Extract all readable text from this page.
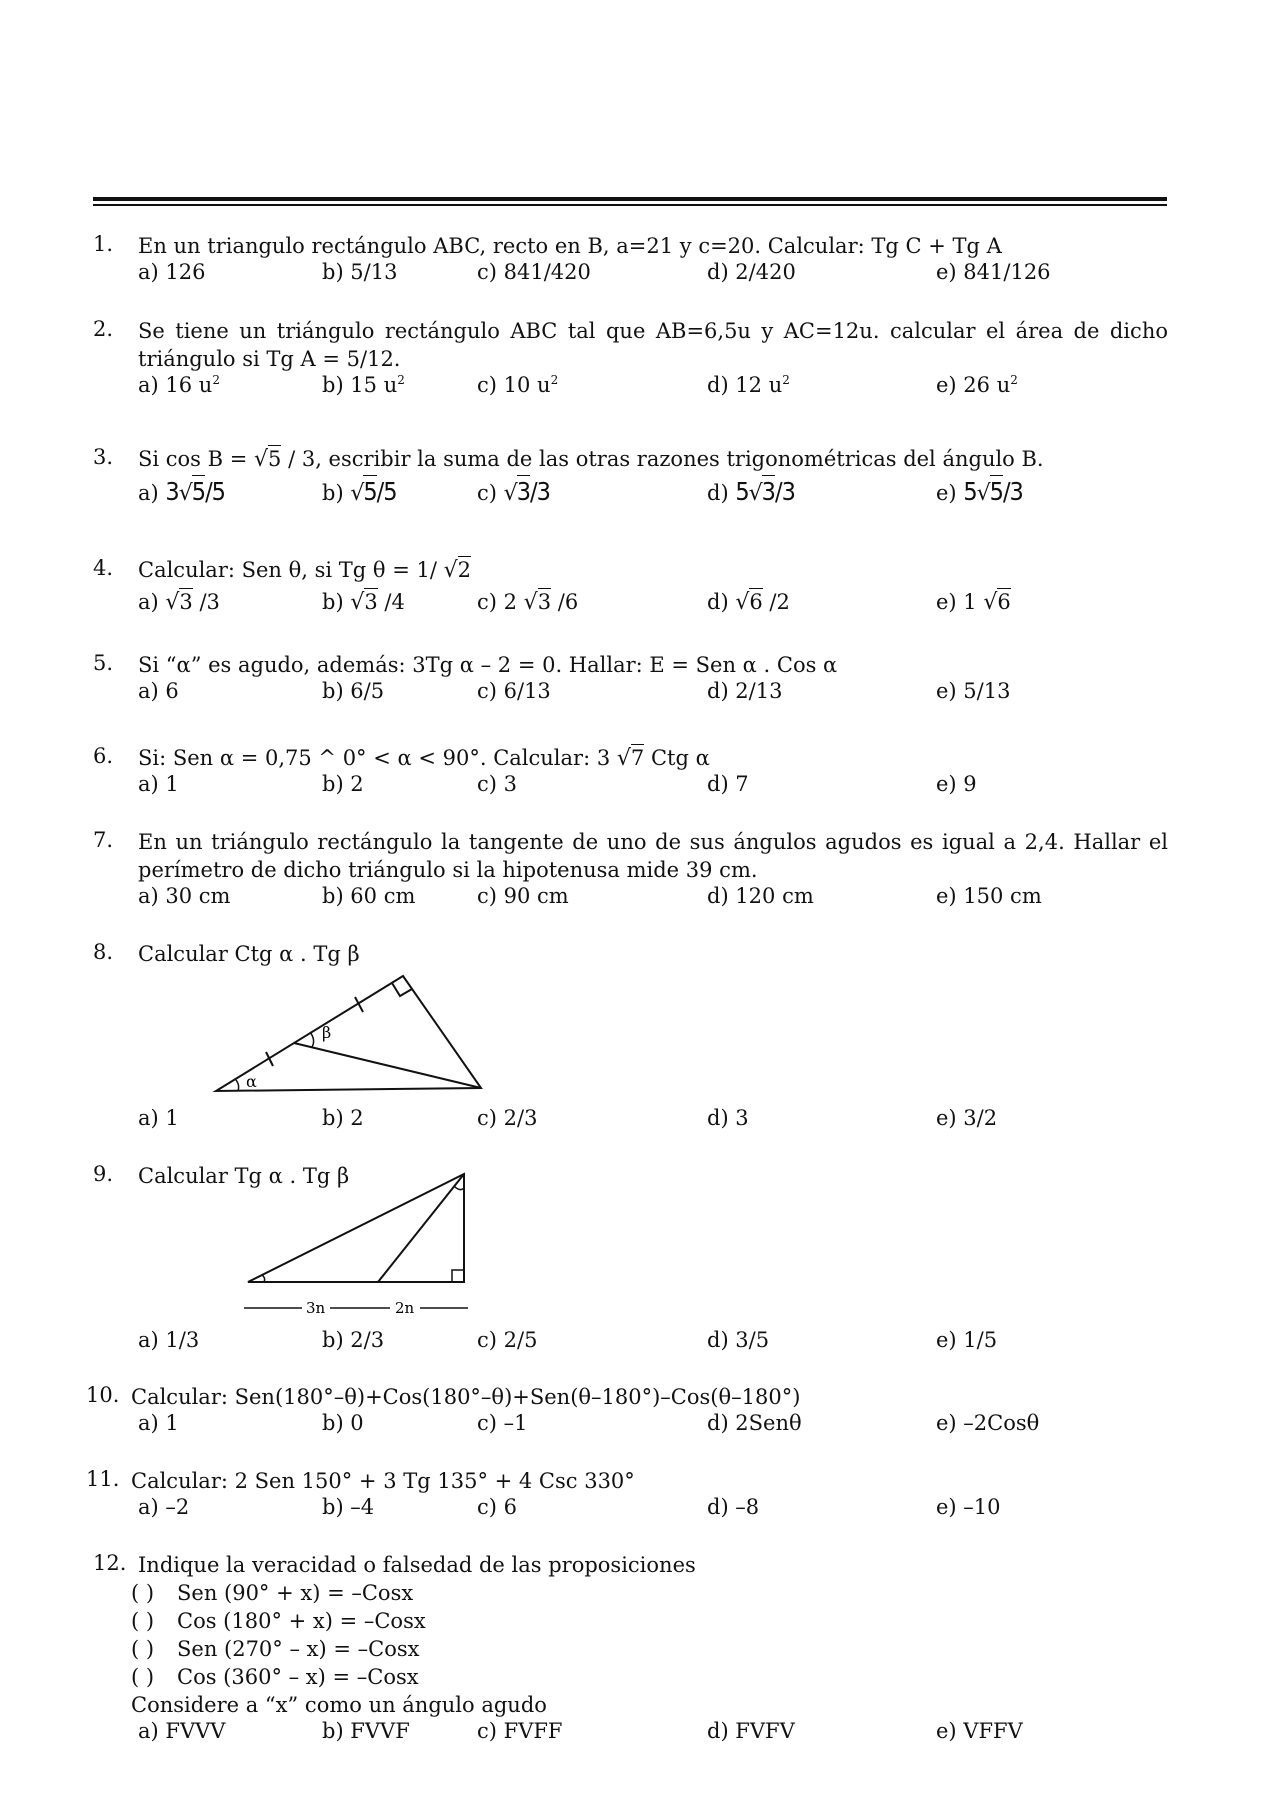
1. En un triangulo rectángulo ABC, recto en B, a=21 y c=20. Calcular: Tg C + Tg A
a) 126	b) 5/13	c) 841/420	d) 2/420	e) 841/126
2. Se tiene un triángulo rectángulo ABC tal que AB=6,5u y AC=12u. calcular el área de dicho triángulo si Tg A = 5/12.
a) 16 $u^2$	b) 15 $u^2$	c) 10 $u^2$	d) 12 $u^2$	e) 26 $u^2$
3. Si cos B = √5 / 3, escribir la suma de las otras razones trigonométricas del ángulo B.
a) 3√5/5	b) √5/5	c) √3/3	d) 5√3/3	e) 5√5/3
4. Calcular: Sen θ, si Tg θ = 1/ √2
a) √3 /3	b) √3 /4	c) 2 √3 /6	d) √6 /2	e) 1 √6
5. Si “α” es agudo, además: 3Tg α – 2 = 0. Hallar: E = Sen α . Cos α
a) 6	b) 6/5	c) 6/13	d) 2/13	e) 5/13
6. Si: Sen α = 0,75 ^ 0° < α < 90°. Calcular: 3 √7 Ctg α
a) 1	b) 2	c) 3	d) 7	e) 9
7. En un triángulo rectángulo la tangente de uno de sus ángulos agudos es igual a 2,4. Hallar el perímetro de dicho triángulo si la hipotenusa mide 39 cm.
a) 30 cm	b) 60 cm	c) 90 cm	d) 120 cm	e) 150 cm
8. Calcular Ctg α . Tg β
α
β
a) 1	b) 2	c) 2/3	d) 3	e) 3/2
9. Calcular Tg α . Tg β
3n	2n
a) 1/3	b) 2/3	c) 2/5	d) 3/5	e) 1/5
10. Calcular: Sen(180°–θ)+Cos(180°–θ)+Sen(θ–180°)–Cos(θ–180°)
a) 1	b) 0	c) –1	d) 2Senθ	e) –2Cosθ
11. Calcular: 2 Sen 150° + 3 Tg 135° + 4 Csc 330°
a) –2	b) –4	c) 6	d) –8	e) –10
12. Indique la veracidad o falsedad de las proposiciones
( ) Sen (90° + x) = –Cosx
( ) Cos (180° + x) = –Cosx
( ) Sen (270° – x) = –Cosx
( ) Cos (360° – x) = –Cosx
Considere a “x” como un ángulo agudo
a) FVVV	b) FVVF	c) FVFF	d) FVFV	e) VFFV
